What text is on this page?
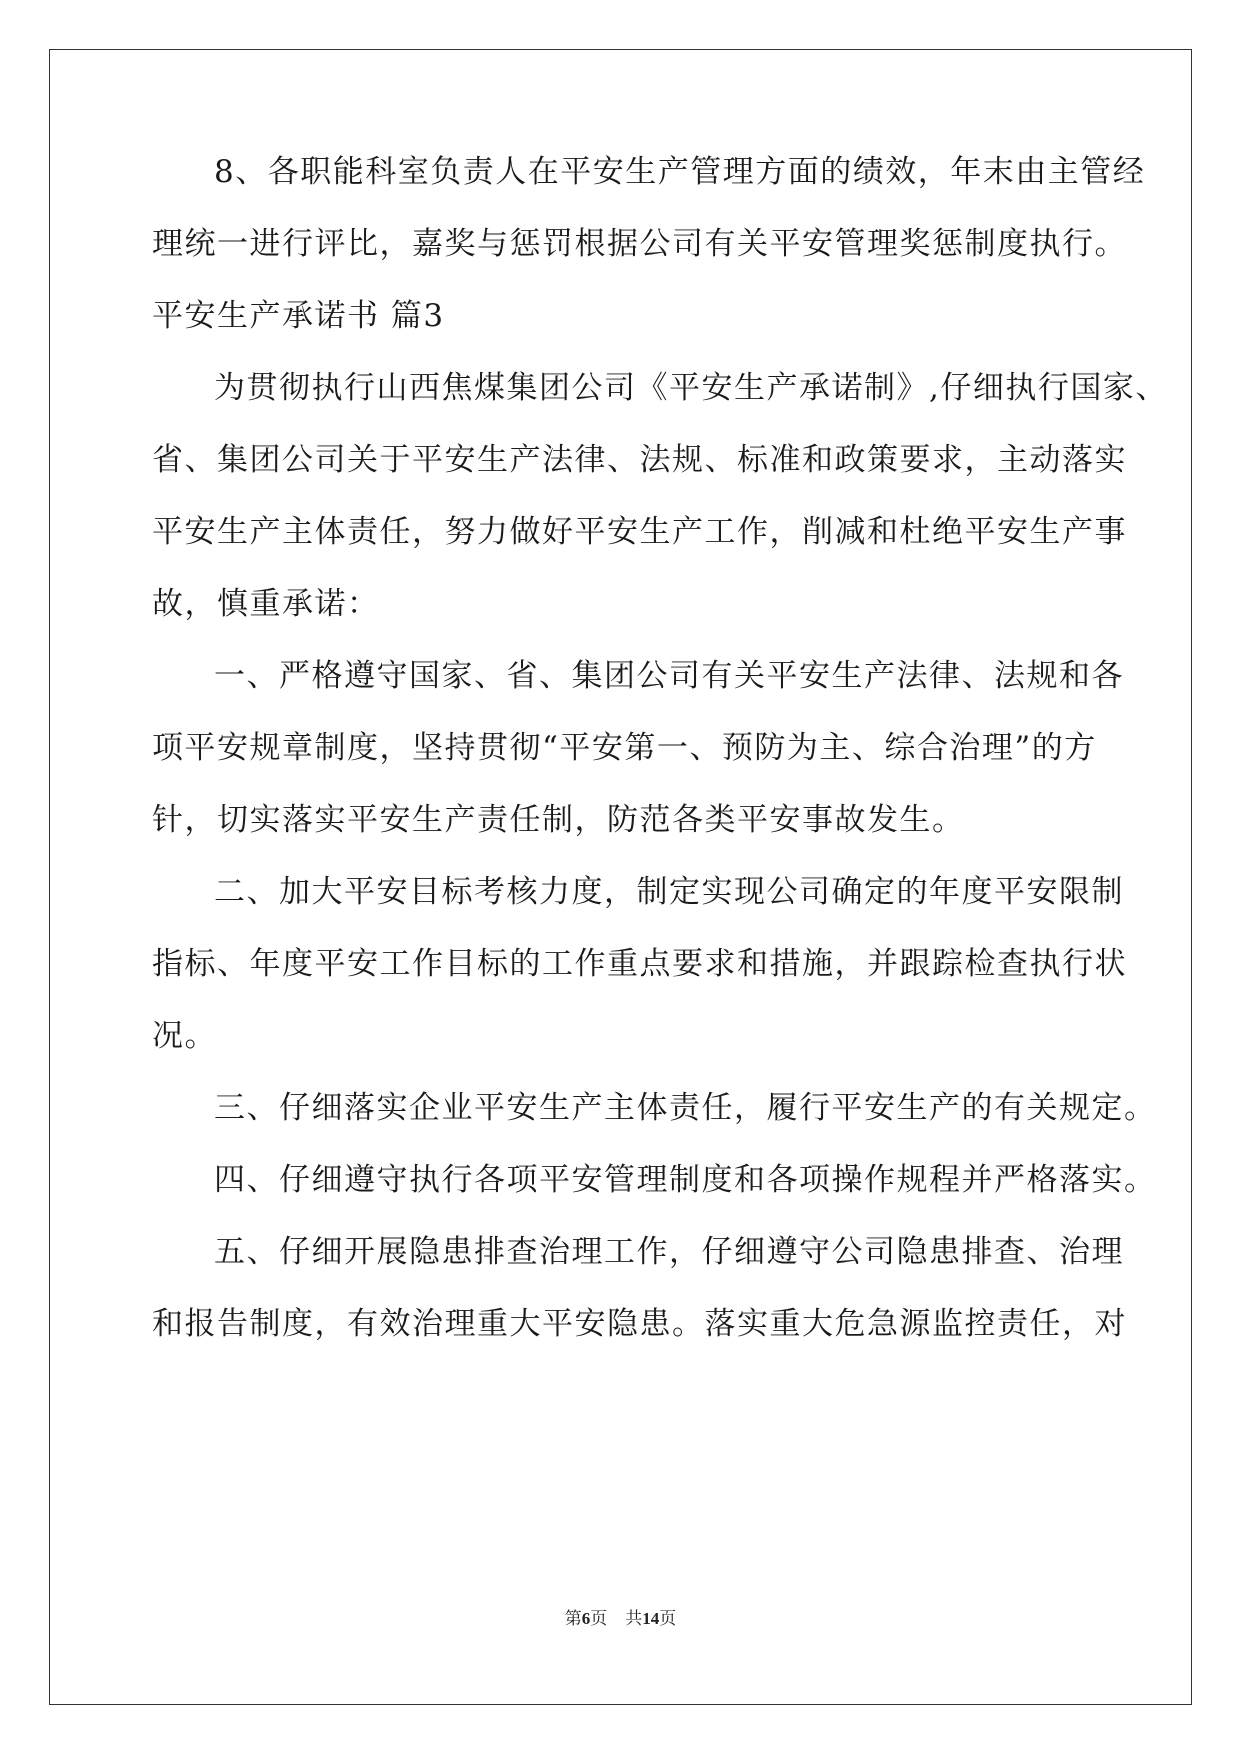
8、各职能科室负责人在平安生产管理方面的绩效，年末由主管经
理统一进行评比，嘉奖与惩罚根据公司有关平安管理奖惩制度执行。
平安生产承诺书 篇3
为贯彻执行山西焦煤集团公司《平安生产承诺制》,仔细执行国家、
省、集团公司关于平安生产法律、法规、标准和政策要求，主动落实
平安生产主体责任，努力做好平安生产工作，削减和杜绝平安生产事
故，慎重承诺：
一、严格遵守国家、省、集团公司有关平安生产法律、法规和各
项平安规章制度，坚持贯彻“平安第一、预防为主、综合治理”的方
针，切实落实平安生产责任制，防范各类平安事故发生。
二、加大平安目标考核力度，制定实现公司确定的年度平安限制
指标、年度平安工作目标的工作重点要求和措施，并跟踪检查执行状
况。
三、仔细落实企业平安生产主体责任，履行平安生产的有关规定。
四、仔细遵守执行各项平安管理制度和各项操作规程并严格落实。
五、仔细开展隐患排查治理工作，仔细遵守公司隐患排查、治理
和报告制度，有效治理重大平安隐患。落实重大危急源监控责任，对
第6页 共14页
